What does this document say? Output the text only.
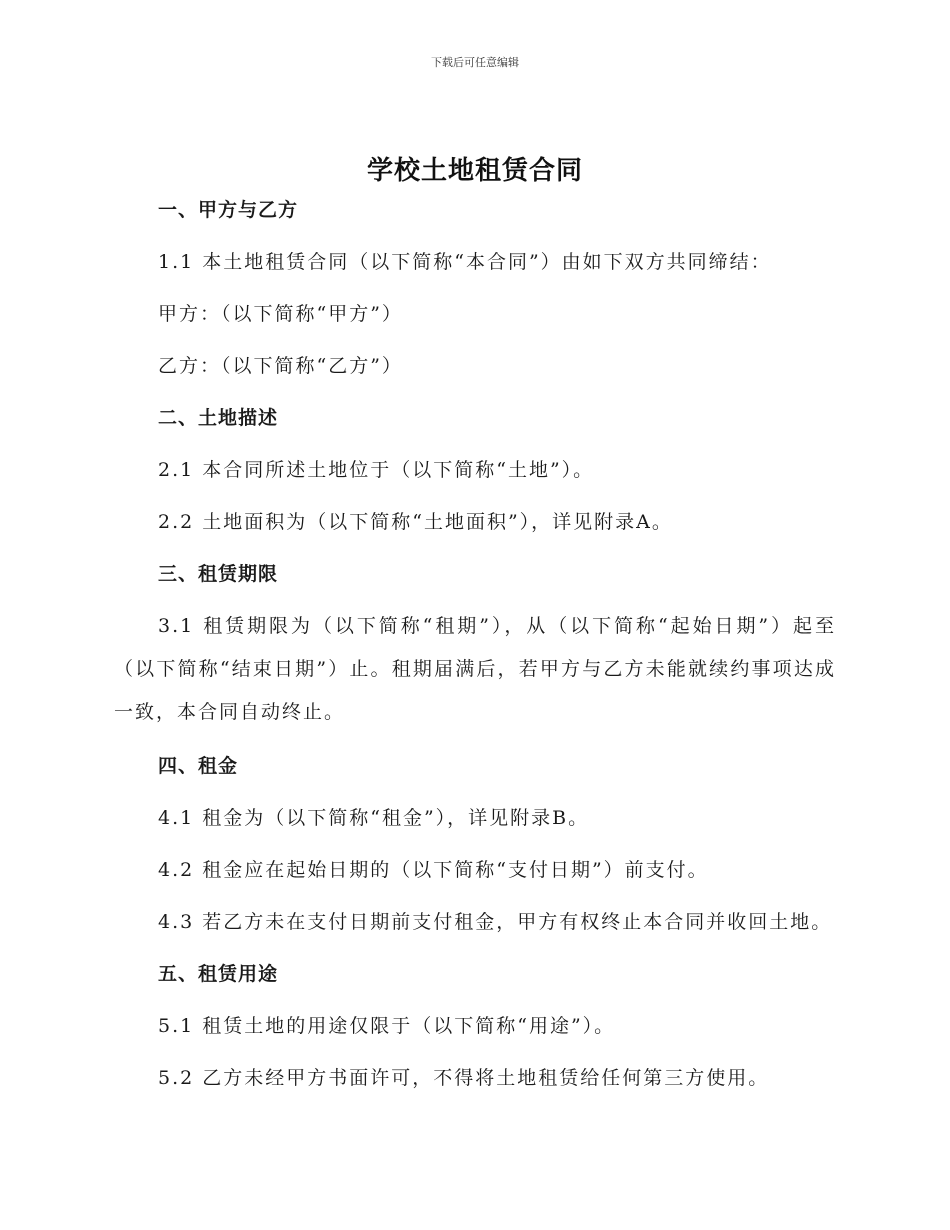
下载后可任意编辑
学校土地租赁合同
一、甲方与乙方
1.1 本土地租赁合同（以下简称“本合同”）由如下双方共同缔结：
甲方：（以下简称“甲方”）
乙方：（以下简称“乙方”）
二、土地描述
2.1 本合同所述土地位于（以下简称“土地”）。
2.2 土地面积为（以下简称“土地面积”），详见附录A。
三、租赁期限
3.1 租赁期限为（以下简称“租期”），从（以下简称“起始日期”）起至（以下简称“结束日期”）止。租期届满后，若甲方与乙方未能就续约事项达成一致，本合同自动终止。
四、租金
4.1 租金为（以下简称“租金”），详见附录B。
4.2 租金应在起始日期的（以下简称“支付日期”）前支付。
4.3 若乙方未在支付日期前支付租金，甲方有权终止本合同并收回土地。
五、租赁用途
5.1 租赁土地的用途仅限于（以下简称“用途”）。
5.2 乙方未经甲方书面许可，不得将土地租赁给任何第三方使用。
